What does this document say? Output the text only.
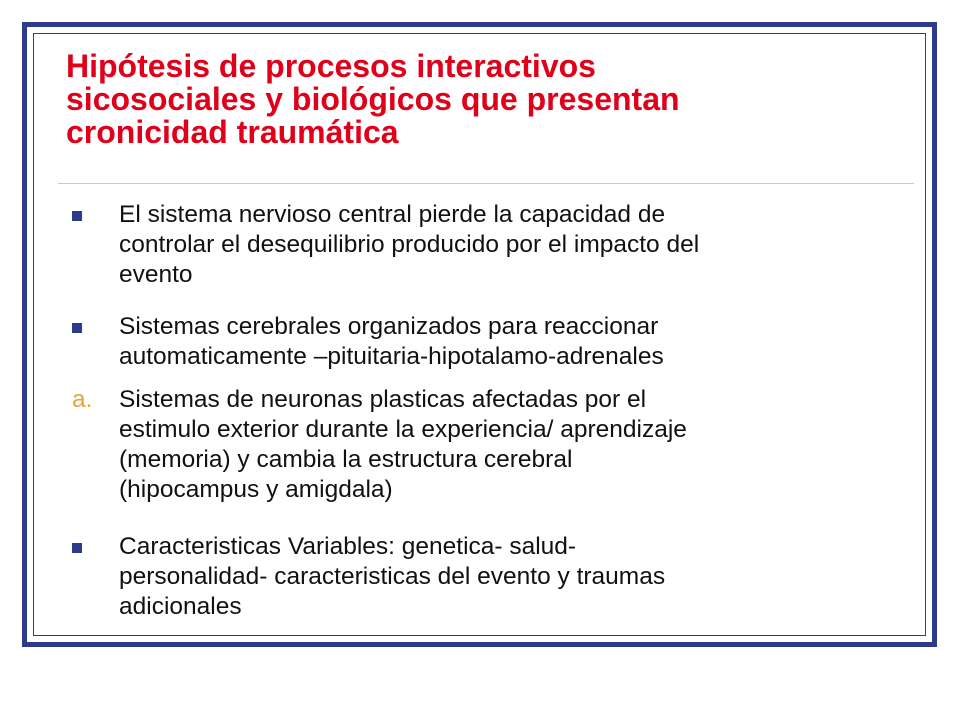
Hipótesis de procesos interactivos
sicosociales y biológicos que presentan
cronicidad traumática
El sistema nervioso central pierde la capacidad de
controlar el desequilibrio producido por el impacto del
evento
Sistemas cerebrales organizados para reaccionar
automaticamente –pituitaria-hipotalamo-adrenales
a. Sistemas de neuronas plasticas afectadas por el
estimulo exterior durante la experiencia/ aprendizaje
(memoria) y cambia la estructura cerebral
(hipocampus y amigdala)
Caracteristicas Variables: genetica- salud-
personalidad- caracteristicas del evento y traumas
adicionales
